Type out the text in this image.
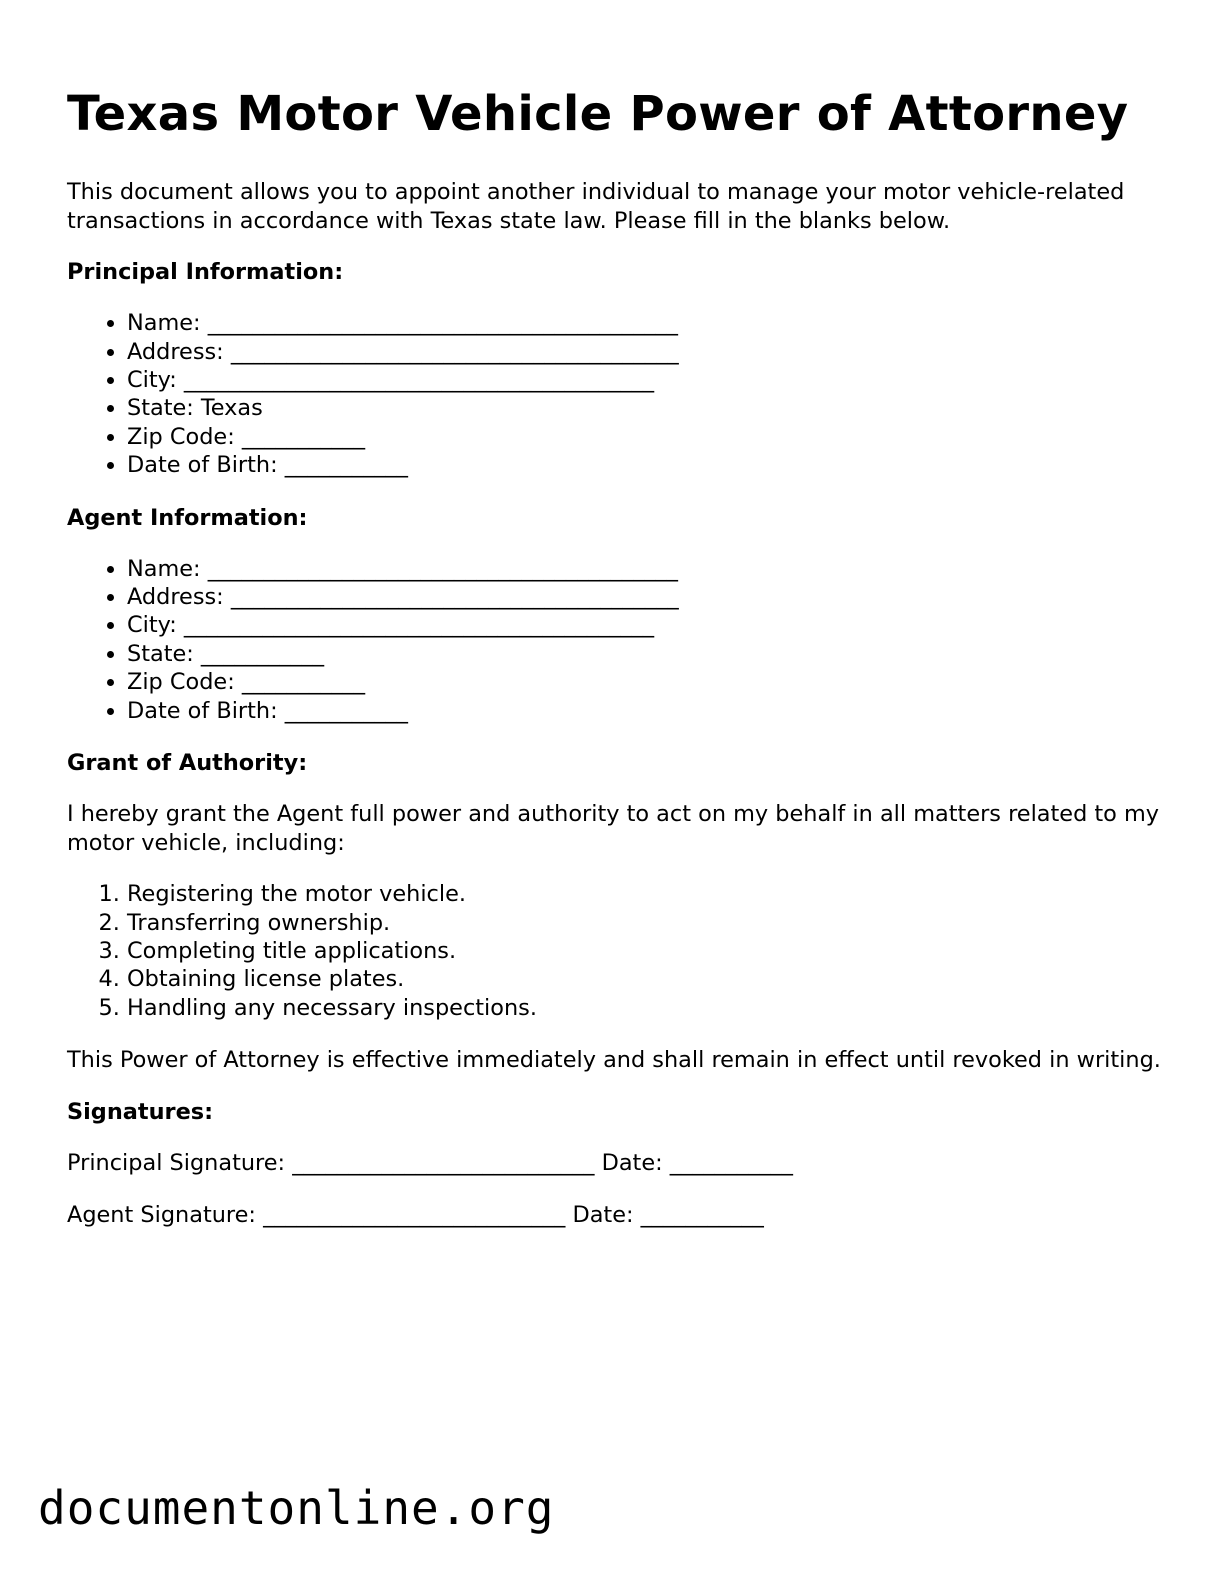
Texas Motor Vehicle Power of Attorney

This document allows you to appoint another individual to manage your motor vehicle-related transactions in accordance with Texas state law. Please fill in the blanks below.

Principal Information:
• Name: __________________________________________
• Address: ________________________________________
• City: __________________________________________
• State: Texas
• Zip Code: ___________
• Date of Birth: ___________
Agent Information:
• Name: __________________________________________
• Address: ________________________________________
• City: __________________________________________
• State: ___________
• Zip Code: ___________
• Date of Birth: ___________
Grant of Authority:

I hereby grant the Agent full power and authority to act on my behalf in all matters related to my motor vehicle, including:

1. Registering the motor vehicle.
2. Transferring ownership.
3. Completing title applications.
4. Obtaining license plates.
5. Handling any necessary inspections.

This Power of Attorney is effective immediately and shall remain in effect until revoked in writing.

Signatures:
Principal Signature: ___________________________ Date: ___________
Agent Signature: ___________________________ Date: ___________
documentonline.org
